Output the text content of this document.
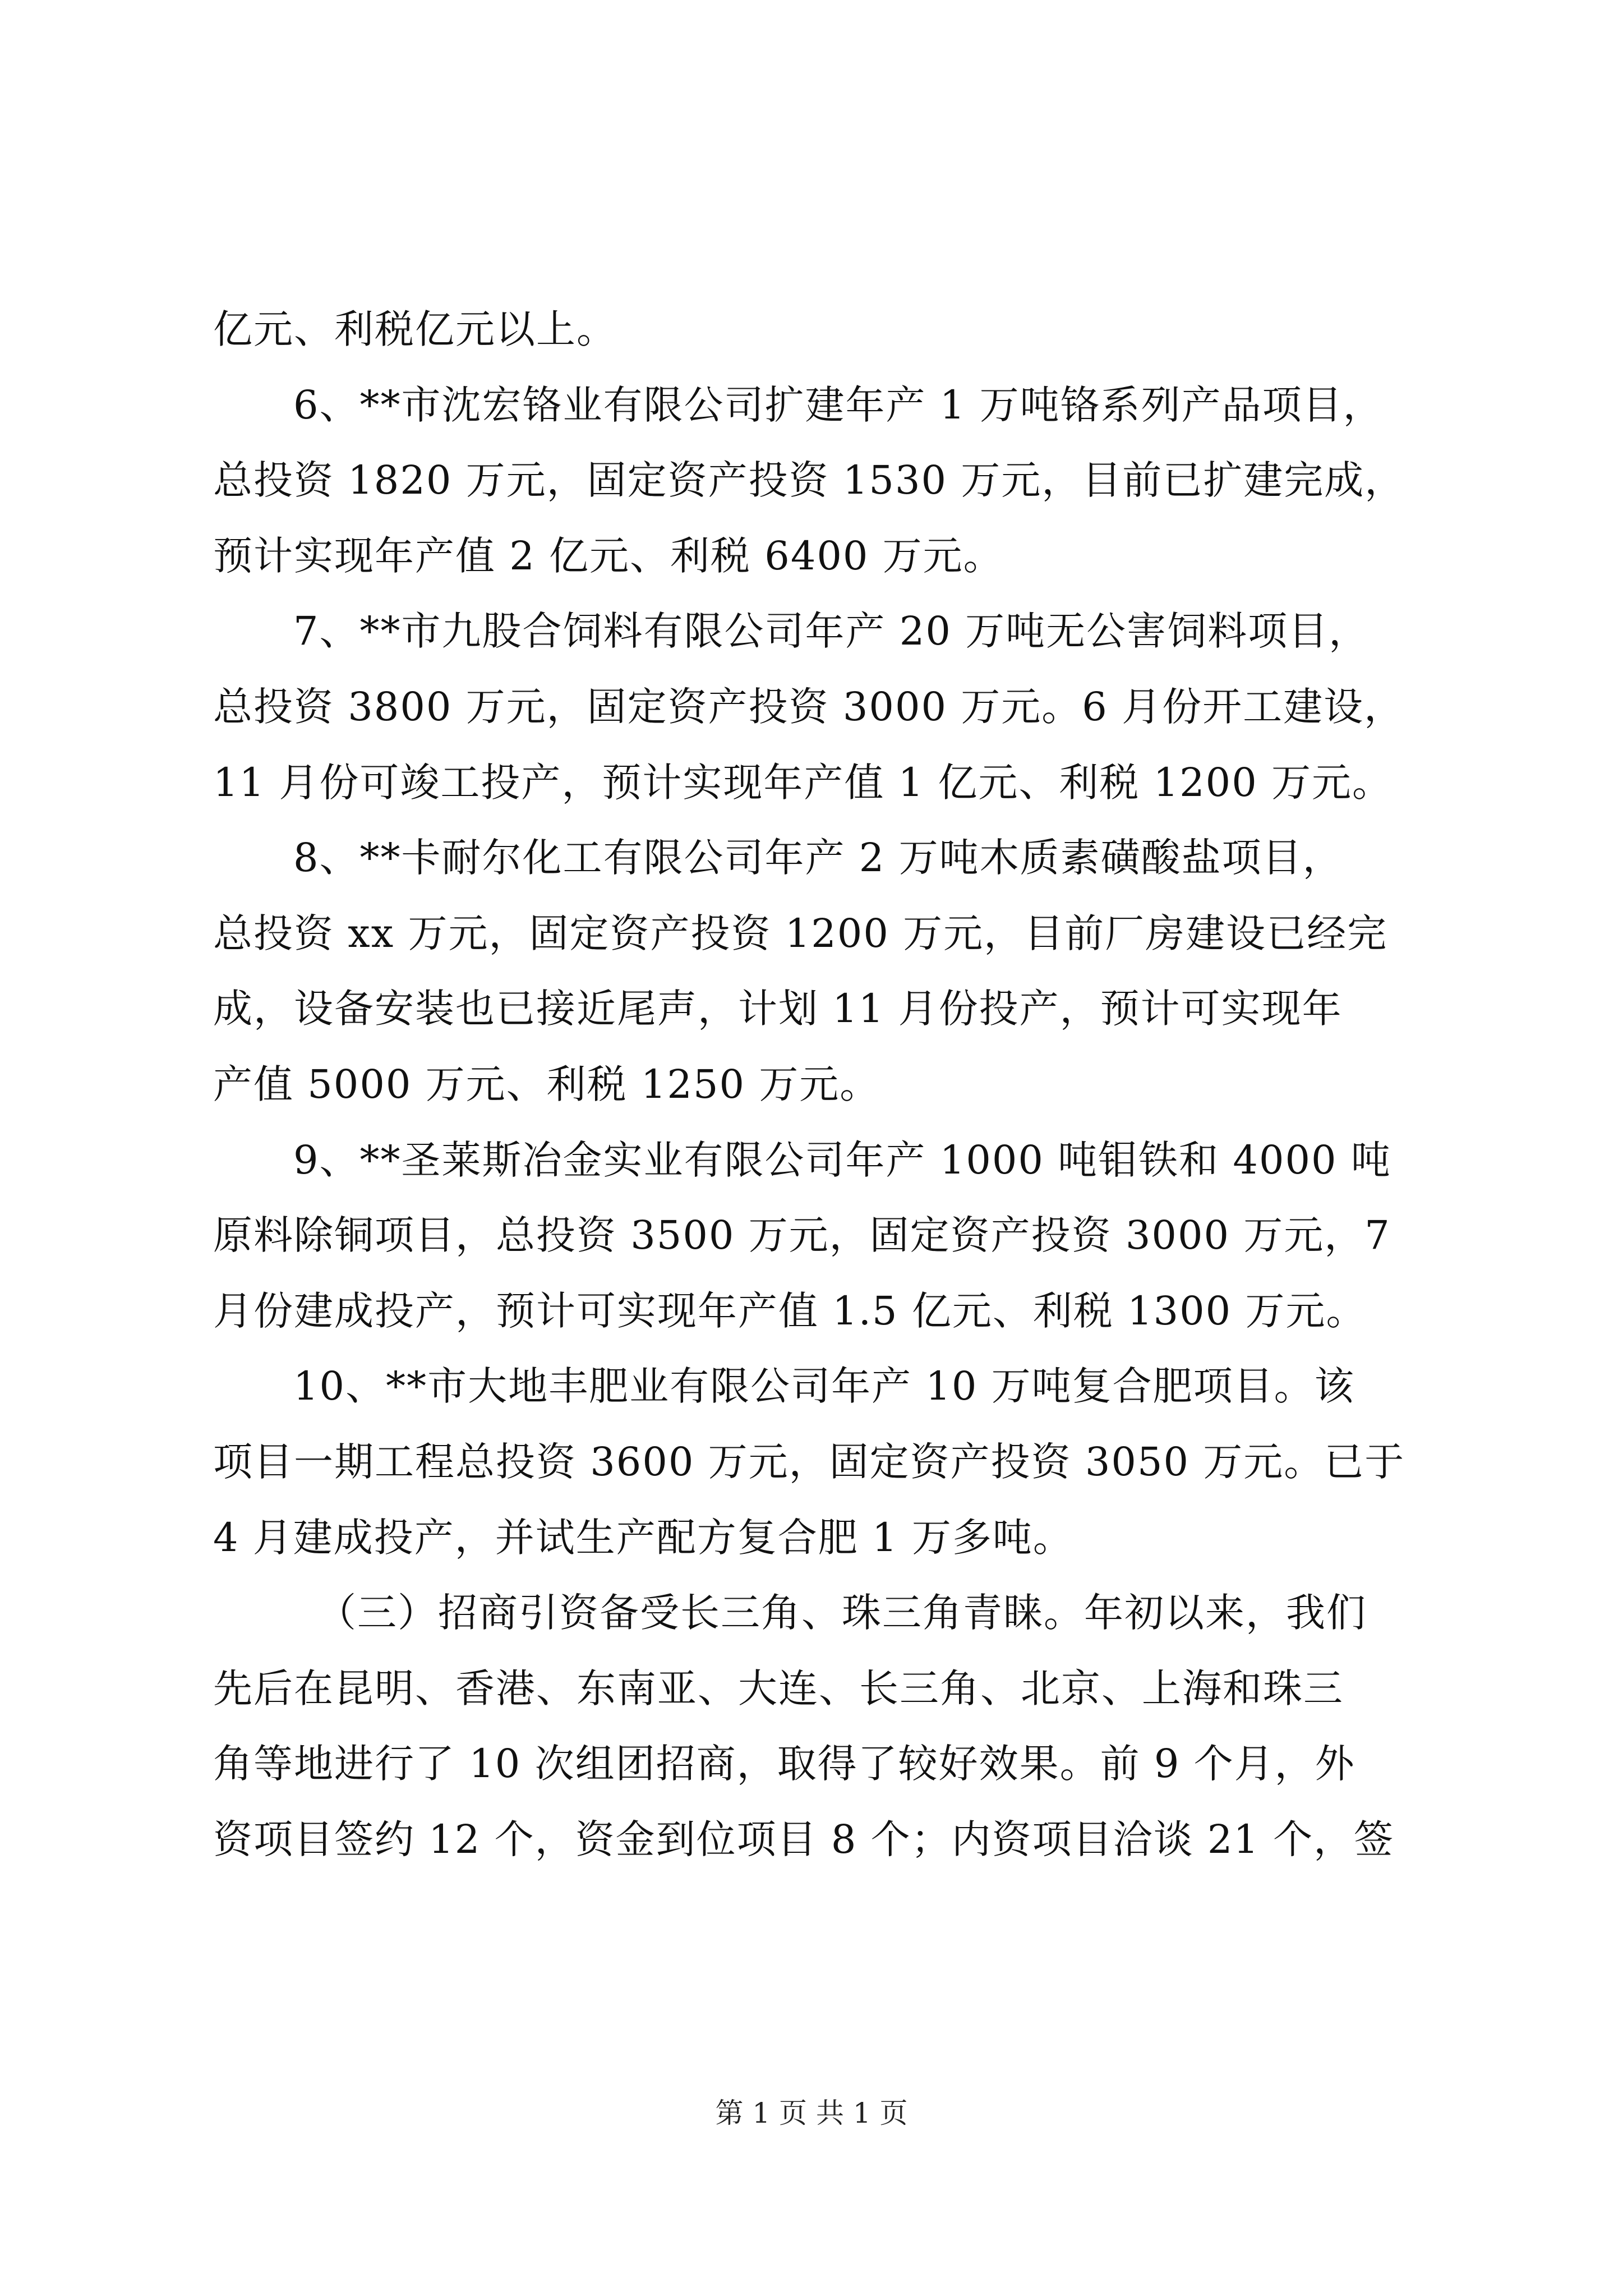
亿元、利税亿元以上。
6、**市沈宏铬业有限公司扩建年产 1 万吨铬系列产品项目，
总投资 1820 万元，固定资产投资 1530 万元，目前已扩建完成，
预计实现年产值 2 亿元、利税 6400 万元。
7、**市九股合饲料有限公司年产 20 万吨无公害饲料项目，
总投资 3800 万元，固定资产投资 3000 万元。6 月份开工建设，
11 月份可竣工投产，预计实现年产值 1 亿元、利税 1200 万元。
8、**卡耐尔化工有限公司年产 2 万吨木质素磺酸盐项目，
总投资 xx 万元，固定资产投资 1200 万元，目前厂房建设已经完
成，设备安装也已接近尾声，计划 11 月份投产，预计可实现年
产值 5000 万元、利税 1250 万元。
9、**圣莱斯冶金实业有限公司年产 1000 吨钼铁和 4000 吨
原料除铜项目，总投资 3500 万元，固定资产投资 3000 万元，7
月份建成投产，预计可实现年产值 1.5 亿元、利税 1300 万元。
10、**市大地丰肥业有限公司年产 10 万吨复合肥项目。该
项目一期工程总投资 3600 万元，固定资产投资 3050 万元。已于
4 月建成投产，并试生产配方复合肥 1 万多吨。
（三）招商引资备受长三角、珠三角青睐。年初以来，我们
先后在昆明、香港、东南亚、大连、长三角、北京、上海和珠三
角等地进行了 10 次组团招商，取得了较好效果。前 9 个月，外
资项目签约 12 个，资金到位项目 8 个；内资项目洽谈 21 个，签
第 1 页 共 1 页
